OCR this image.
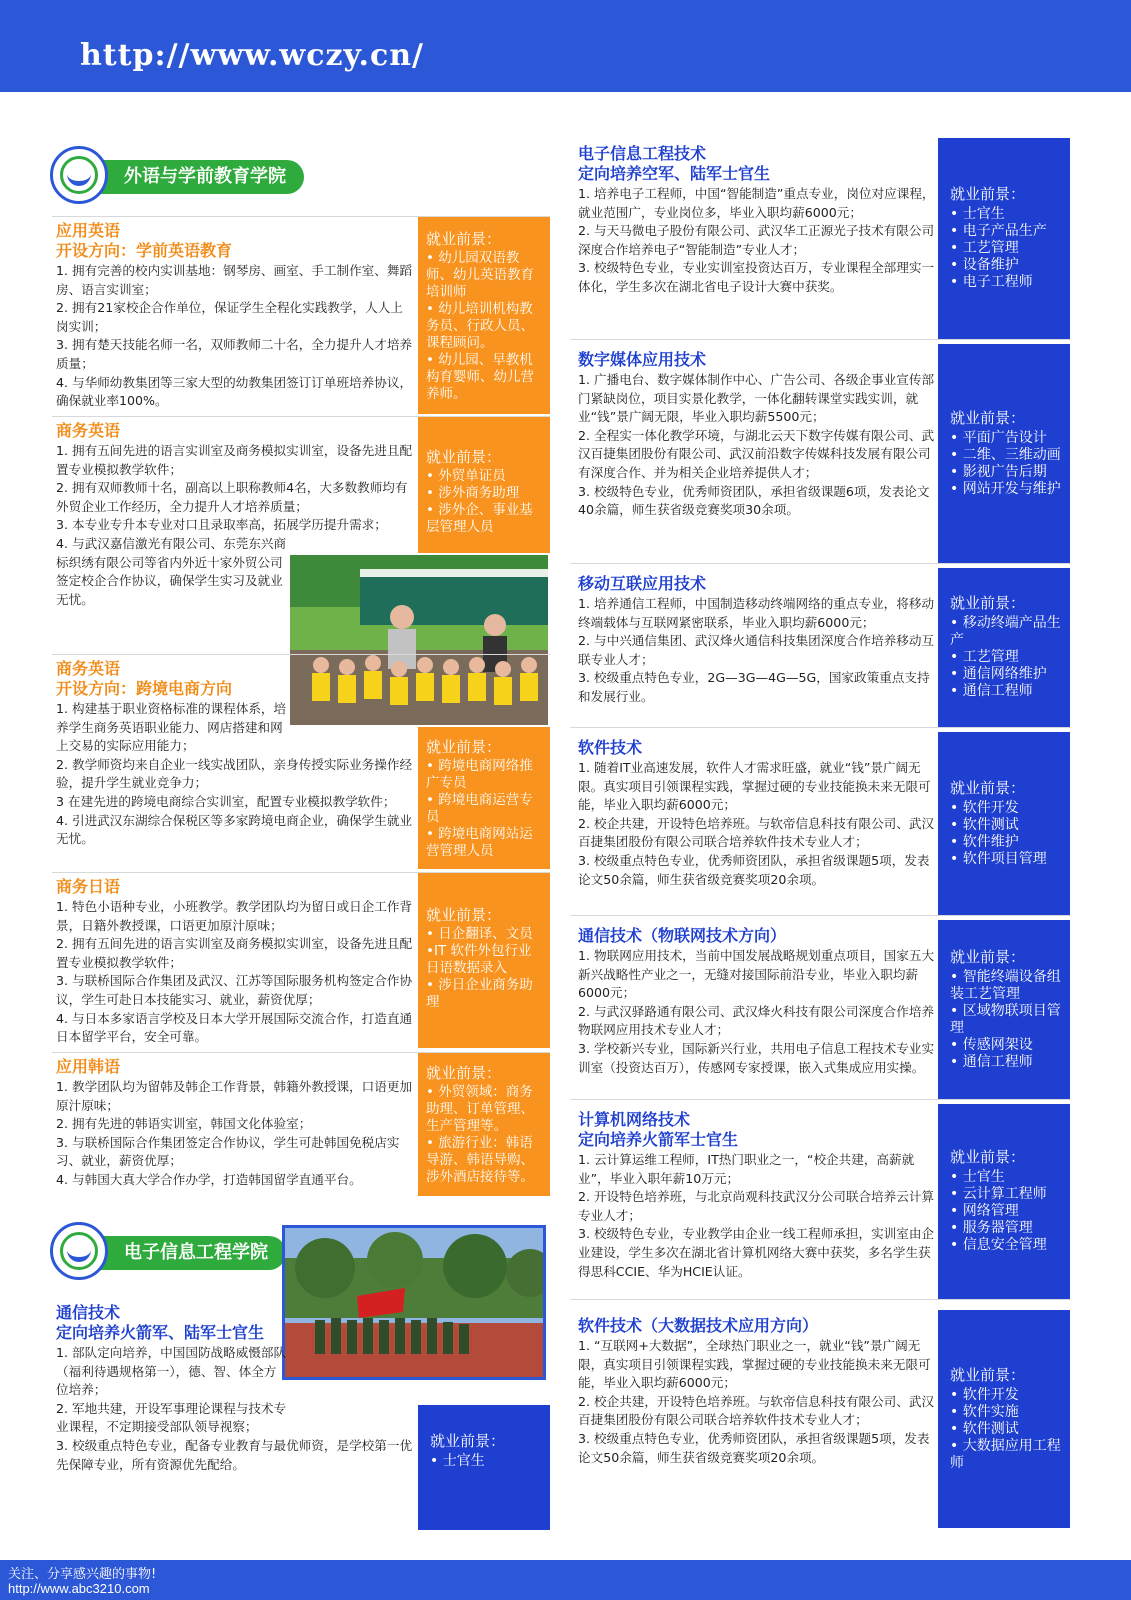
http://www.wczy.cn/
外语与学前教育学院
电子信息工程学院
应用英语
开设方向：学前英语教育
1. 拥有完善的校内实训基地：钢琴房、画室、手工制作室、舞蹈房、语言实训室；
2. 拥有21家校企合作单位，保证学生全程化实践教学，人人上岗实训；
3. 拥有楚天技能名师一名，双师教师二十名，全力提升人才培养质量；
4. 与华师幼教集团等三家大型的幼教集团签订订单班培养协议，确保就业率100%。
就业前景：
• 幼儿园双语教师、幼儿英语教育培训师
• 幼儿培训机构教务员、行政人员、课程顾问。
• 幼儿园、早教机构育婴师、幼儿营养师。
商务英语
1. 拥有五间先进的语言实训室及商务模拟实训室，设备先进且配置专业模拟教学软件；
2. 拥有双师教师十名，副高以上职称教师4名，大多数教师均有外贸企业工作经历，全力提升人才培养质量；
3. 本专业专升本专业对口且录取率高，拓展学历提升需求；
4. 与武汉嘉信激光有限公司、东莞东兴商标织绣有限公司等省内外近十家外贸公司签定校企合作协议，确保学生实习及就业无忧。
就业前景：
• 外贸单证员
• 涉外商务助理
• 涉外企、事业基层管理人员
商务英语
开设方向：跨境电商方向
1. 构建基于职业资格标准的课程体系，培养学生商务英语职业能力、网店搭建和网上交易的实际应用能力；
2. 教学师资均来自企业一线实战团队，亲身传授实际业务操作经验，提升学生就业竞争力；
3 在建先进的跨境电商综合实训室，配置专业模拟教学软件；
4. 引进武汉东湖综合保税区等多家跨境电商企业，确保学生就业无忧。
就业前景：
• 跨境电商网络推广专员
• 跨境电商运营专员
• 跨境电商网站运营管理人员
商务日语
1. 特色小语种专业，小班教学。教学团队均为留日或日企工作背景，日籍外教授课，口语更加原汁原味；
2. 拥有五间先进的语言实训室及商务模拟实训室，设备先进且配置专业模拟教学软件；
3. 与联桥国际合作集团及武汉、江苏等国际服务机构签定合作协议，学生可赴日本技能实习、就业，薪资优厚；
4. 与日本多家语言学校及日本大学开展国际交流合作，打造直通日本留学平台，安全可靠。
就业前景：
• 日企翻译、文员
•IT 软件外包行业日语数据录入
• 涉日企业商务助理
应用韩语
1. 教学团队均为留韩及韩企工作背景，韩籍外教授课，口语更加原汁原味；
2. 拥有先进的韩语实训室，韩国文化体验室；
3. 与联桥国际合作集团签定合作协议，学生可赴韩国免税店实习、就业，薪资优厚；
4. 与韩国大真大学合作办学，打造韩国留学直通平台。
就业前景：
• 外贸领域：商务助理、订单管理、生产管理等。
• 旅游行业：韩语导游、韩语导购、涉外酒店接待等。
通信技术
定向培养火箭军、陆军士官生
1. 部队定向培养，中国国防战略威慑部队（福利待遇规格第一），德、智、体全方位培养；
2. 军地共建，开设军事理论课程与技术专业课程，不定期接受部队领导视察；
3. 校级重点特色专业，配备专业教育与最优师资，是学校第一优先保障专业，所有资源优先配给。
就业前景：
• 士官生
电子信息工程技术
定向培养空军、陆军士官生
1. 培养电子工程师，中国“智能制造”重点专业，岗位对应课程，就业范围广，专业岗位多，毕业入职均薪6000元；
2. 与天马微电子股份有限公司、武汉华工正源光子技术有限公司深度合作培养电子“智能制造”专业人才；
3. 校级特色专业，专业实训室投资达百万，专业课程全部理实一体化，学生多次在湖北省电子设计大赛中获奖。
就业前景：
• 士官生
• 电子产品生产
• 工艺管理
• 设备维护
• 电子工程师
数字媒体应用技术
1. 广播电台、数字媒体制作中心、广告公司、各级企事业宣传部门紧缺岗位，项目实景化教学，一体化翻转课堂实践实训，就业“钱”景广阔无限，毕业入职均薪5500元；
2. 全程实一体化教学环境，与湖北云天下数字传媒有限公司、武汉百捷集团股份有限公司、武汉前沿数字传媒科技发展有限公司有深度合作、并为相关企业培养提供人才；
3. 校级特色专业，优秀师资团队，承担省级课题6项，发表论文40余篇，师生获省级竞赛奖项30余项。
就业前景：
• 平面广告设计
• 二维、三维动画
• 影视广告后期
• 网站开发与维护
移动互联应用技术
1. 培养通信工程师，中国制造移动终端网络的重点专业，将移动终端载体与互联网紧密联系，毕业入职均薪6000元；
2. 与中兴通信集团、武汉烽火通信科技集团深度合作培养移动互联专业人才；
3. 校级重点特色专业，2G—3G—4G—5G，国家政策重点支持和发展行业。
就业前景：
• 移动终端产品生产
• 工艺管理
• 通信网络维护
• 通信工程师
软件技术
1. 随着IT业高速发展，软件人才需求旺盛，就业“钱”景广阔无限。真实项目引领课程实践，掌握过硬的专业技能换未来无限可能，毕业入职均薪6000元；
2. 校企共建，开设特色培养班。与软帝信息科技有限公司、武汉百捷集团股份有限公司联合培养软件技术专业人才；
3. 校级重点特色专业，优秀师资团队，承担省级课题5项，发表论文50余篇，师生获省级竞赛奖项20余项。
就业前景：
• 软件开发
• 软件测试
• 软件维护
• 软件项目管理
通信技术（物联网技术方向）
1. 物联网应用技术，当前中国发展战略规划重点项目，国家五大新兴战略性产业之一，无缝对接国际前沿专业，毕业入职均薪6000元；
2. 与武汉驿路通有限公司、武汉烽火科技有限公司深度合作培养物联网应用技术专业人才；
3. 学校新兴专业，国际新兴行业，共用电子信息工程技术专业实训室（投资达百万），传感网专家授课，嵌入式集成应用实操。
就业前景：
• 智能终端设备组装工艺管理
• 区域物联项目管理
• 传感网架设
• 通信工程师
计算机网络技术
定向培养火箭军士官生
1. 云计算运维工程师，IT热门职业之一，“校企共建，高薪就业”，毕业入职年薪10万元；
2. 开设特色培养班，与北京尚观科技武汉分公司联合培养云计算专业人才；
3. 校级特色专业，专业教学由企业一线工程师承担，实训室由企业建设，学生多次在湖北省计算机网络大赛中获奖，多名学生获得思科CCIE、华为HCIE认证。
就业前景：
• 士官生
• 云计算工程师
• 网络管理
• 服务器管理
• 信息安全管理
软件技术（大数据技术应用方向）
1. “互联网+大数据”，全球热门职业之一，就业“钱”景广阔无限，真实项目引领课程实践，掌握过硬的专业技能换未来无限可能，毕业入职均薪6000元；
2. 校企共建，开设特色培养班。与软帝信息科技有限公司、武汉百捷集团股份有限公司联合培养软件技术专业人才；
3. 校级重点特色专业，优秀师资团队，承担省级课题5项，发表论文50余篇，师生获省级竞赛奖项20余项。
就业前景：
• 软件开发
• 软件实施
• 软件测试
• 大数据应用工程师
关注、分享感兴趣的事物!
http://www.abc3210.com
